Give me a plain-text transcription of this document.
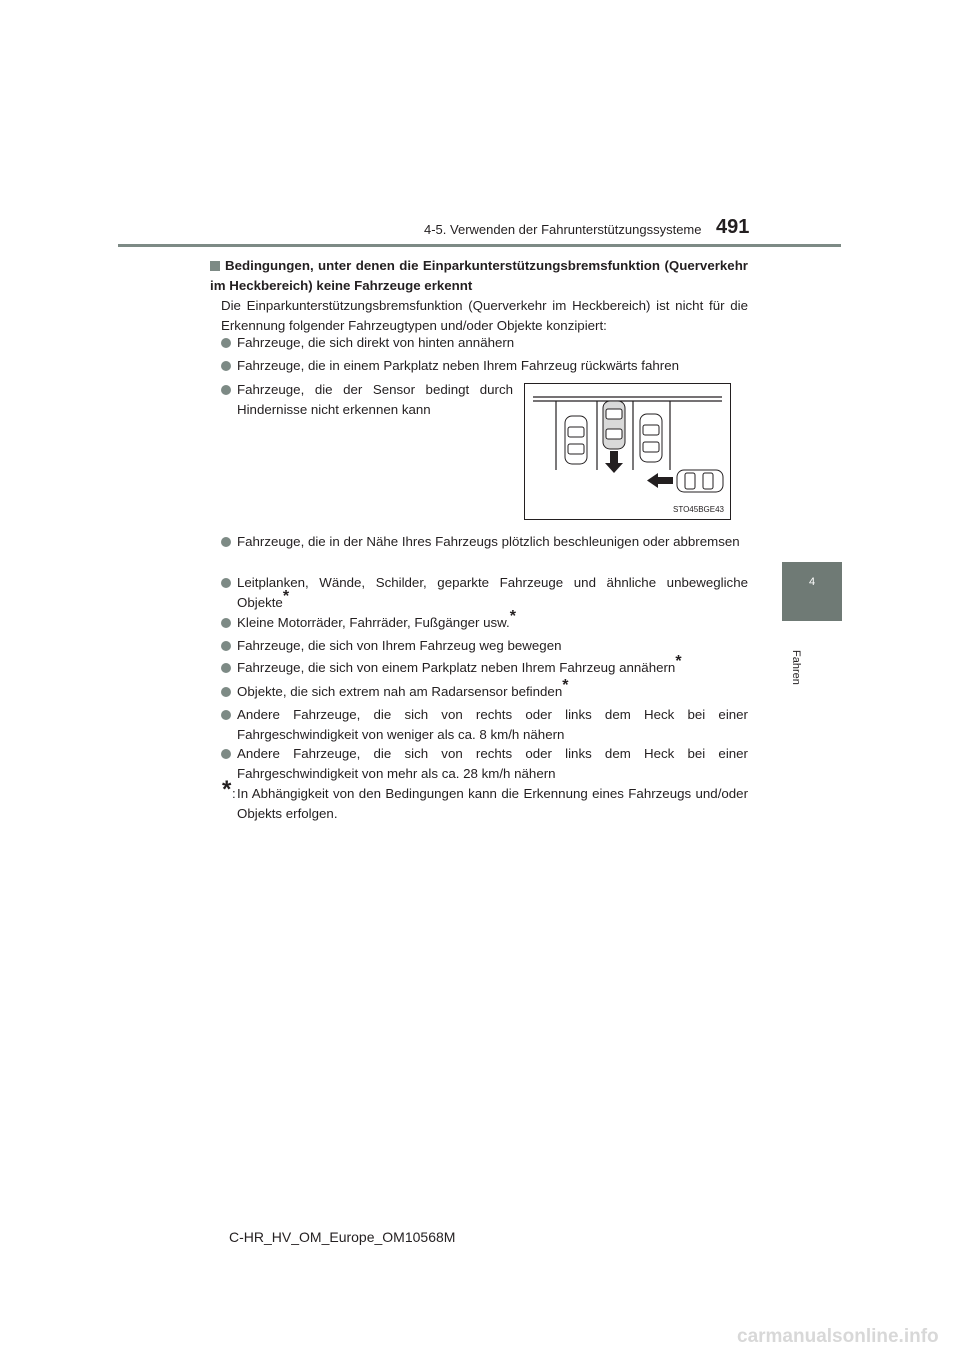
4-5. Verwenden der Fahrunterstützungssysteme 491
4
Fahren
Bedingungen, unter denen die Einparkunterstützungsbremsfunktion (Querverkehr im Heckbereich) keine Fahrzeuge erkennt
Die Einparkunterstützungsbremsfunktion (Querverkehr im Heckbereich) ist nicht für die Erkennung folgender Fahrzeugtypen und/oder Objekte konzipiert:
Fahrzeuge, die sich direkt von hinten annähern
Fahrzeuge, die in einem Parkplatz neben Ihrem Fahrzeug rückwärts fahren
Fahrzeuge, die der Sensor bedingt durch Hindernisse nicht erkennen kann
STO45BGE43
Fahrzeuge, die in der Nähe Ihres Fahrzeugs plötzlich beschleunigen oder abbremsen
Leitplanken, Wände, Schilder, geparkte Fahrzeuge und ähnliche unbewegliche Objekte*
Kleine Motorräder, Fahrräder, Fußgänger usw.*
Fahrzeuge, die sich von Ihrem Fahrzeug weg bewegen
Fahrzeuge, die sich von einem Parkplatz neben Ihrem Fahrzeug annähern*
Objekte, die sich extrem nah am Radarsensor befinden*
Andere Fahrzeuge, die sich von rechts oder links dem Heck bei einer Fahrgeschwindigkeit von weniger als ca. 8 km/h nähern
Andere Fahrzeuge, die sich von rechts oder links dem Heck bei einer Fahrgeschwindigkeit von mehr als ca. 28 km/h nähern
* : In Abhängigkeit von den Bedingungen kann die Erkennung eines Fahrzeugs und/oder Objekts erfolgen.
C-HR_HV_OM_Europe_OM10568M
carmanualsonline.info
